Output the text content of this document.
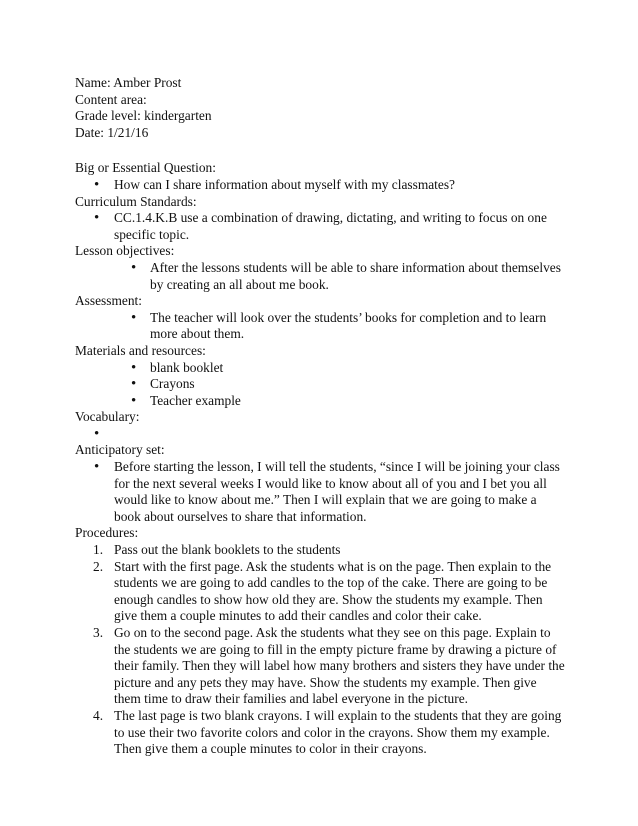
Name: Amber Prost

Content area:

Grade level: kindergarten

Date: 1/21/16

Big or Essential Question:

• How can I share information about myself with my classmates?

Curriculum Standards:

• CC.1.4.K.B use a combination of drawing, dictating, and writing to focus on one specific topic.

Lesson objectives:

• After the lessons students will be able to share information about themselves by creating an all about me book.

Assessment:

• The teacher will look over the students’ books for completion and to learn more about them.

Materials and resources:

• blank booklet
• Crayons
• Teacher example

Vocabulary:

•

Anticipatory set:

• Before starting the lesson, I will tell the students, “since I will be joining your class for the next several weeks I would like to know about all of you and I bet you all would like to know about me.” Then I will explain that we are going to make a book about ourselves to share that information.

Procedures:

1. Pass out the blank booklets to the students
2. Start with the first page. Ask the students what is on the page. Then explain to the students we are going to add candles to the top of the cake. There are going to be enough candles to show how old they are. Show the students my example. Then give them a couple minutes to add their candles and color their cake.
3. Go on to the second page. Ask the students what they see on this page. Explain to the students we are going to fill in the empty picture frame by drawing a picture of their family. Then they will label how many brothers and sisters they have under the picture and any pets they may have. Show the students my example. Then give them time to draw their families and label everyone in the picture.
4. The last page is two blank crayons. I will explain to the students that they are going to use their two favorite colors and color in the crayons. Show them my example. Then give them a couple minutes to color in their crayons.
